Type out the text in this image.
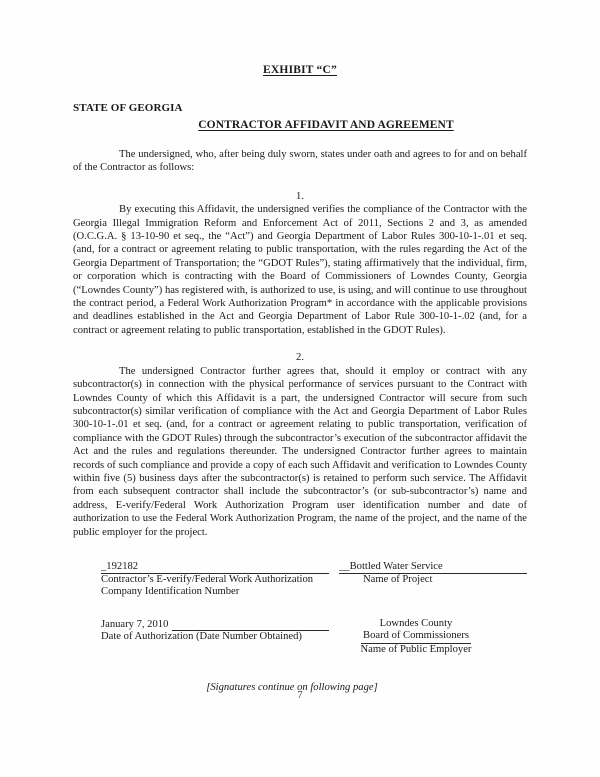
EXHIBIT “C”
STATE OF GEORGIA
CONTRACTOR AFFIDAVIT AND AGREEMENT

The undersigned, who, after being duly sworn, states under oath and agrees to for and on behalf of the Contractor as follows:

1.

By executing this Affidavit, the undersigned verifies the compliance of the Contractor with the Georgia Illegal Immigration Reform and Enforcement Act of 2011, Sections 2 and 3, as amended (O.C.G.A. § 13-10-90 et seq., the “Act”) and Georgia Department of Labor Rules 300-10-1-.01 et seq. (and, for a contract or agreement relating to public transportation, with the rules regarding the Act of the Georgia Department of Transportation; the “GDOT Rules”), stating affirmatively that the individual, firm, or corporation which is contracting with the Board of Commissioners of Lowndes County, Georgia (“Lowndes County”) has registered with, is authorized to use, is using, and will continue to use throughout the contract period, a Federal Work Authorization Program* in accordance with the applicable provisions and deadlines established in the Act and Georgia Department of Labor Rule 300-10-1-.02 (and, for a contract or agreement relating to public transportation, established in the GDOT Rules).

2.

The undersigned Contractor further agrees that, should it employ or contract with any subcontractor(s) in connection with the physical performance of services pursuant to the Contract with Lowndes County of which this Affidavit is a part, the undersigned Contractor will secure from such subcontractor(s) similar verification of compliance with the Act and Georgia Department of Labor Rules 300-10-1-.01 et seq. (and, for a contract or agreement relating to public transportation, verification of compliance with the GDOT Rules) through the subcontractor’s execution of the subcontractor affidavit the Act and the rules and regulations thereunder. The undersigned Contractor further agrees to maintain records of such compliance and provide a copy of each such Affidavit and verification to Lowndes County within five (5) business days after the subcontractor(s) is retained to perform such service. The Affidavit from each subsequent contractor shall include the subcontractor’s (or sub-subcontractor’s) name and address, E-verify/Federal Work Authorization Program user identification number and date of authorization to use the Federal Work Authorization Program, the name of the project, and the name of the public employer for the project.

_192182
Contractor’s E-verify/Federal Work Authorization
Company Identification Number
__Bottled Water Service
Name of Project
January 7, 2010
Date of Authorization (Date Number Obtained)
Lowndes County
Board of Commissioners
Name of Public Employer
[Signatures continue on following page]
7
